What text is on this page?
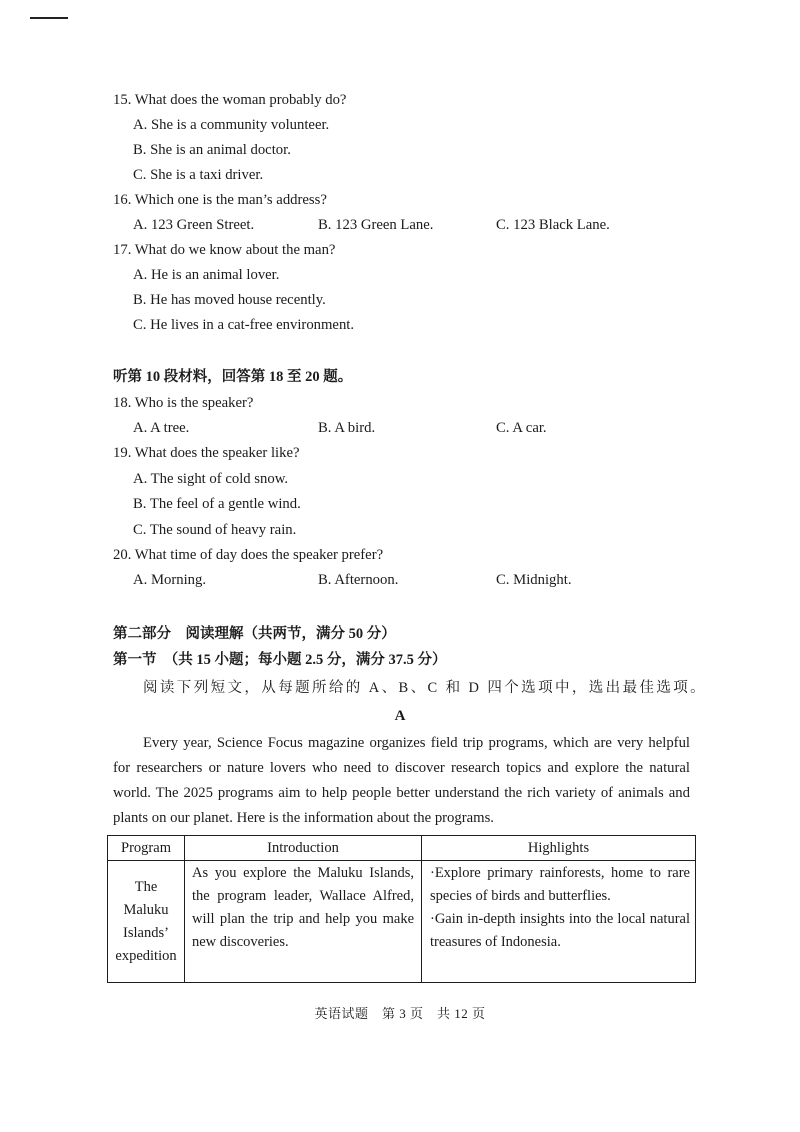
15. What does the woman probably do?
A. She is a community volunteer.
B. She is an animal doctor.
C. She is a taxi driver.
16. Which one is the man’s address?
A. 123 Green Street.	B. 123 Green Lane.	C. 123 Black Lane.
17. What do we know about the man?
A. He is an animal lover.
B. He has moved house recently.
C. He lives in a cat-free environment.
听第 10 段材料，回答第 18 至 20 题。
18. Who is the speaker?
A. A tree.	B. A bird.	C. A car.
19. What does the speaker like?
A. The sight of cold snow.
B. The feel of a gentle wind.
C. The sound of heavy rain.
20. What time of day does the speaker prefer?
A. Morning.	B. Afternoon.	C. Midnight.
第二部分　阅读理解（共两节，满分 50 分）
第一节　（共 15 小题；每小题 2.5 分，满分 37.5 分）
阅读下列短文，从每题所给的 A、B、C 和 D 四个选项中，选出最佳选项。
A

Every year, Science Focus magazine organizes field trip programs, which are very helpful for researchers or nature lovers who need to discover research topics and explore the natural world. The 2025 programs aim to help people better understand the rich variety of animals and plants on our planet. Here is the information about the programs.

Program	Introduction	Highlights
The Maluku Islands’ expedition	As you explore the Maluku Islands, the program leader, Wallace Alfred, will plan the trip and help you make new discoveries.	·Explore primary rainforests, home to rare species of birds and butterflies.
·Gain in-depth insights into the local natural treasures of Indonesia.
英语试题　第 3 页　共 12 页
